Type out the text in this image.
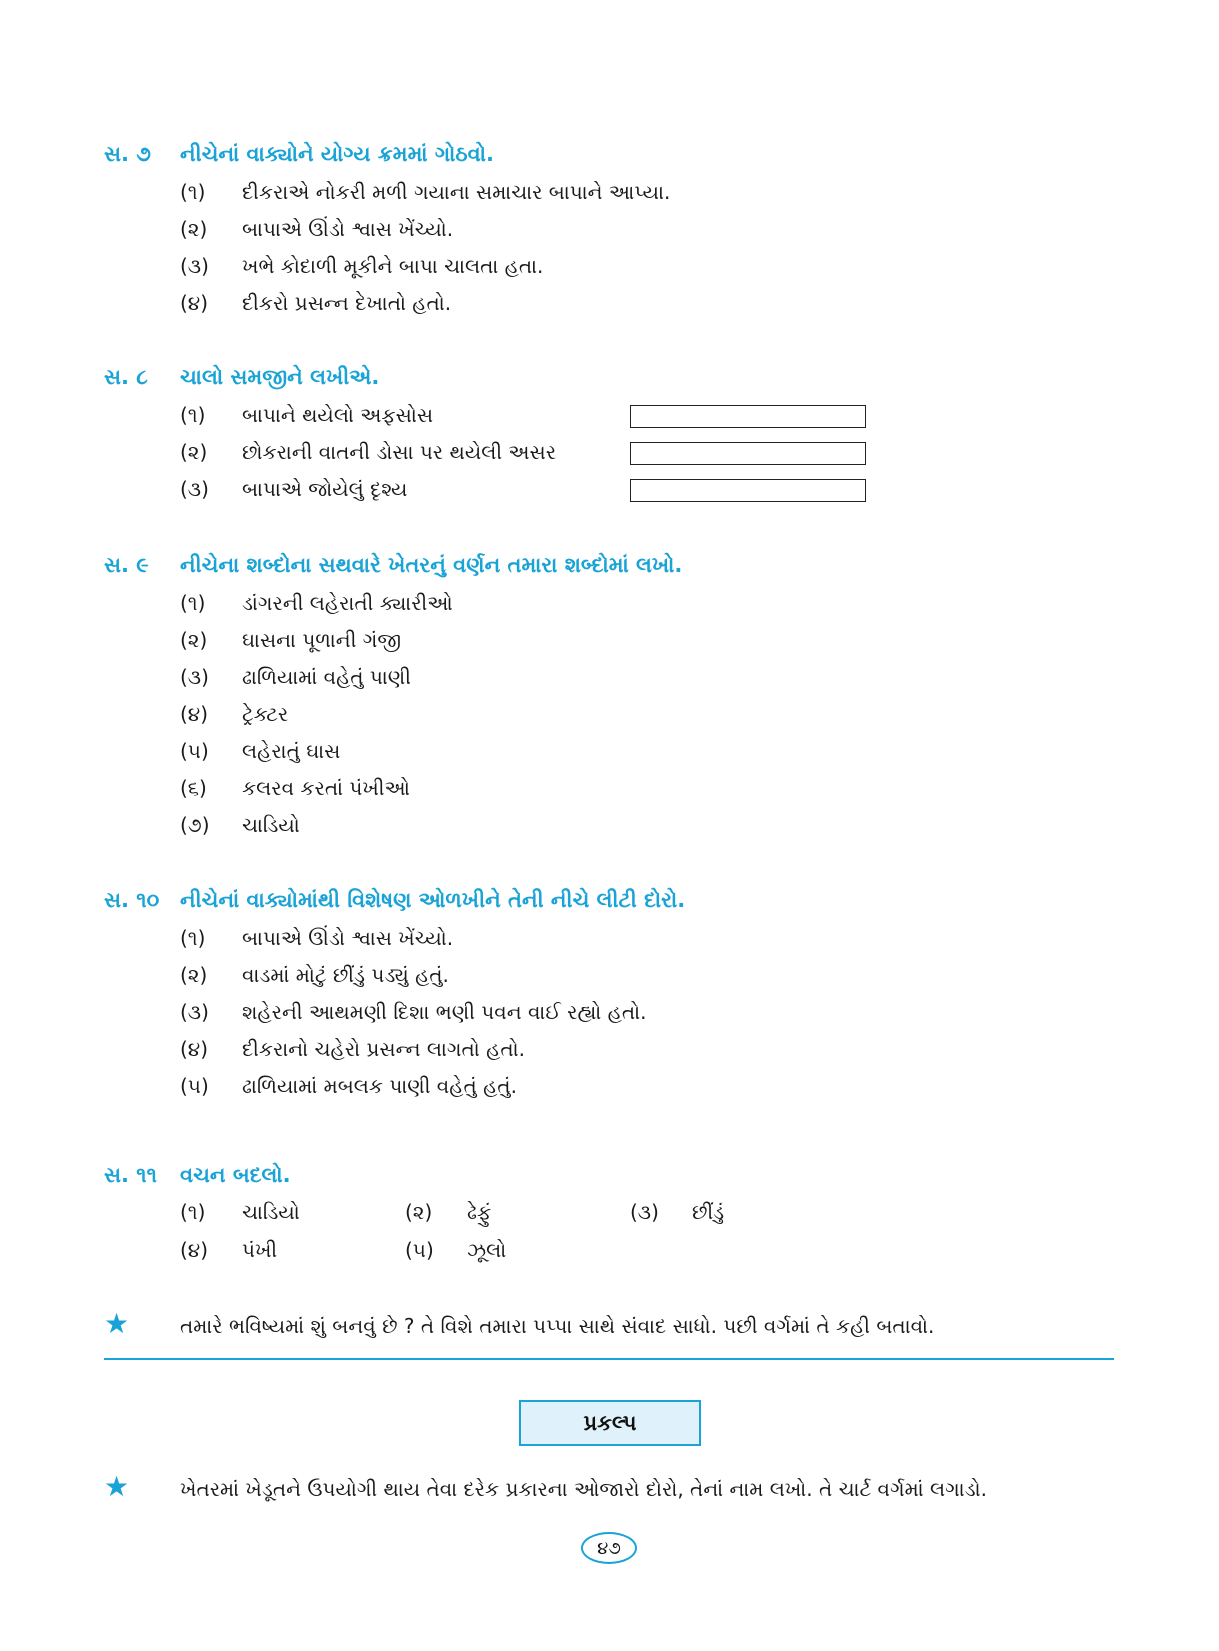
સ. ૭ નીચેનાં વાક્યોને યોગ્ય ક્રમમાં ગોઠવો.
(૧) દીકરાએ નોકરી મળી ગયાના સમાચાર બાપાને આપ્યા.
(૨) બાપાએ ઊંડો શ્વાસ ખેંચ્યો.
(૩) ખભે કોદાળી મૂકીને બાપા ચાલતા હતા.
(૪) દીકરો પ્રસન્ન દેખાતો હતો.
સ. ૮ ચાલો સમજીને લખીએ.
(૧) બાપાને થયેલો અફસોસ
(૨) છોકરાની વાતની ડોસા પર થયેલી અસર
(૩) બાપાએ જોયેલું દૃશ્ય
સ. ૯ નીચેના શબ્દોના સથવારે ખેતરનું વર્ણન તમારા શબ્દોમાં લખો.
(૧) ડાંગરની લહેરાતી ક્યારીઓ
(૨) ઘાસના પૂળાની ગંજી
(૩) ઢાળિયામાં વહેતું પાણી
(૪) ટ્રેક્ટર
(૫) લહેરાતું ઘાસ
(૬) કલરવ કરતાં પંખીઓ
(૭) ચાડિયો
સ. ૧૦ નીચેનાં વાક્યોમાંથી વિશેષણ ઓળખીને તેની નીચે લીટી દોરો.
(૧) બાપાએ ઊંડો શ્વાસ ખેંચ્યો.
(૨) વાડમાં મોટું છીંડું પડ્યું હતું.
(૩) શહેરની આથમણી દિશા ભણી પવન વાઈ રહ્યો હતો.
(૪) દીકરાનો ચહેરો પ્રસન્ન લાગતો હતો.
(૫) ઢાળિયામાં મબલક પાણી વહેતું હતું.
સ. ૧૧ વચન બદલો.
(૧) ચાડિયો	(૨) ઢેફું	(૩) છીંડું
(૪) પંખી	(૫) ઝૂલો
★	તમારે ભવિષ્યમાં શું બનવું છે ? તે વિશે તમારા પપ્પા સાથે સંવાદ સાધો. પછી વર્ગમાં તે કહી બતાવો.
પ્રકલ્પ
★	ખેતરમાં ખેડૂતને ઉપયોગી થાય તેવા દરેક પ્રકારના ઓજારો દોરો, તેનાં નામ લખો. તે ચાર્ટ વર્ગમાં લગાડો.
૪૭
